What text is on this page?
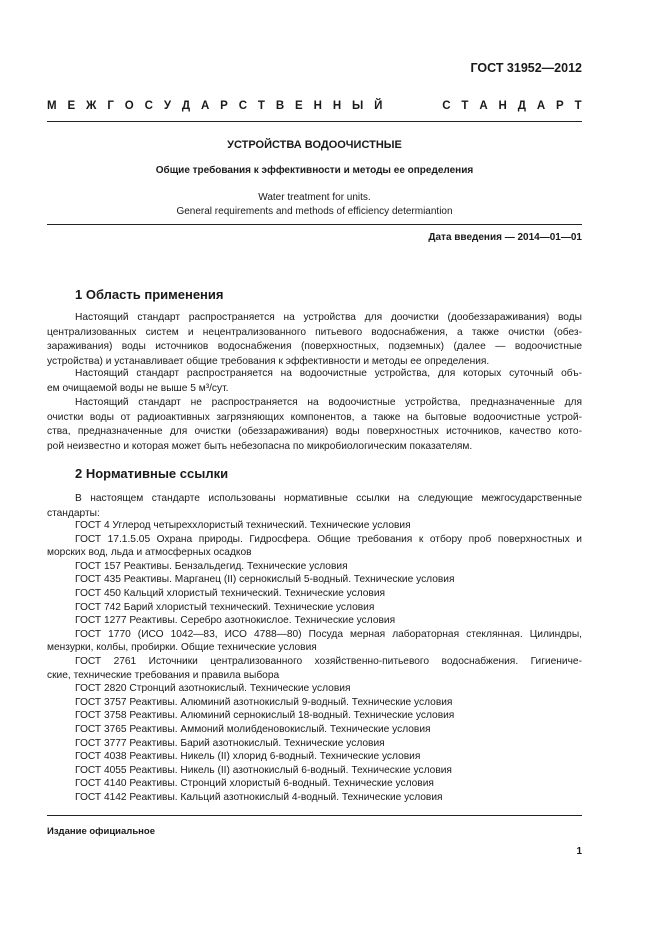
ГОСТ 31952—2012
М Е Ж Г О С У Д А Р С Т В Е Н Н Ы Й	С Т А Н Д А Р Т
УСТРОЙСТВА ВОДООЧИСТНЫЕ
Общие требования к эффективности и методы ее определения
Water treatment for units.
General requirements and methods of efficiency determiantion
Дата введения — 2014—01—01
1 Область применения
Настоящий стандарт распространяется на устройства для доочистки (дообеззараживания) воды
централизованных систем и нецентрализованного питьевого водоснабжения, а также очистки (обез-
зараживания) воды источников водоснабжения (поверхностных, подземных) (далее — водоочистные
устройства) и устанавливает общие требования к эффективности и методы ее определения.
Настоящий стандарт распространяется на водоочистные устройства, для которых суточный объ-
ем очищаемой воды не выше 5 м³/сут.
Настоящий стандарт не распространяется на водоочистные устройства, предназначенные для
очистки воды от радиоактивных загрязняющих компонентов, а также на бытовые водоочистные устрой-
ства, предназначенные для очистки (обеззараживания) воды поверхностных источников, качество кото-
рой неизвестно и которая может быть небезопасна по микробиологическим показателям.
2 Нормативные ссылки
В настоящем стандарте использованы нормативные ссылки на следующие межгосударственные
стандарты:
ГОСТ 4 Углерод четыреххлористый технический. Технические условия
ГОСТ 17.1.5.05 Охрана природы. Гидросфера. Общие требования к отбору проб поверхностных и
морских вод, льда и атмосферных осадков
ГОСТ 157 Реактивы. Бензальдегид. Технические условия
ГОСТ 435 Реактивы. Марганец (II) сернокислый 5-водный. Технические условия
ГОСТ 450 Кальций хлористый технический. Технические условия
ГОСТ 742 Барий хлористый технический. Технические условия
ГОСТ 1277 Реактивы. Серебро азотнокислое. Технические условия
ГОСТ 1770 (ИСО 1042—83, ИСО 4788—80) Посуда мерная лабораторная стеклянная. Цилиндры,
мензурки, колбы, пробирки. Общие технические условия
ГОСТ 2761 Источники централизованного хозяйственно-питьевого водоснабжения. Гигиениче-
ские, технические требования и правила выбора
ГОСТ 2820 Стронций азотнокислый. Технические условия
ГОСТ 3757 Реактивы. Алюминий азотнокислый 9-водный. Технические условия
ГОСТ 3758 Реактивы. Алюминий сернокислый 18-водный. Технические условия
ГОСТ 3765 Реактивы. Аммоний молибденовокислый. Технические условия
ГОСТ 3777 Реактивы. Барий азотнокислый. Технические условия
ГОСТ 4038 Реактивы. Никель (II) хлорид 6-водный. Технические условия
ГОСТ 4055 Реактивы. Никель (II) азотнокислый 6-водный. Технические условия
ГОСТ 4140 Реактивы. Стронций хлористый 6-водный. Технические условия
ГОСТ 4142 Реактивы. Кальций азотнокислый 4-водный. Технические условия
Издание официальное
1
